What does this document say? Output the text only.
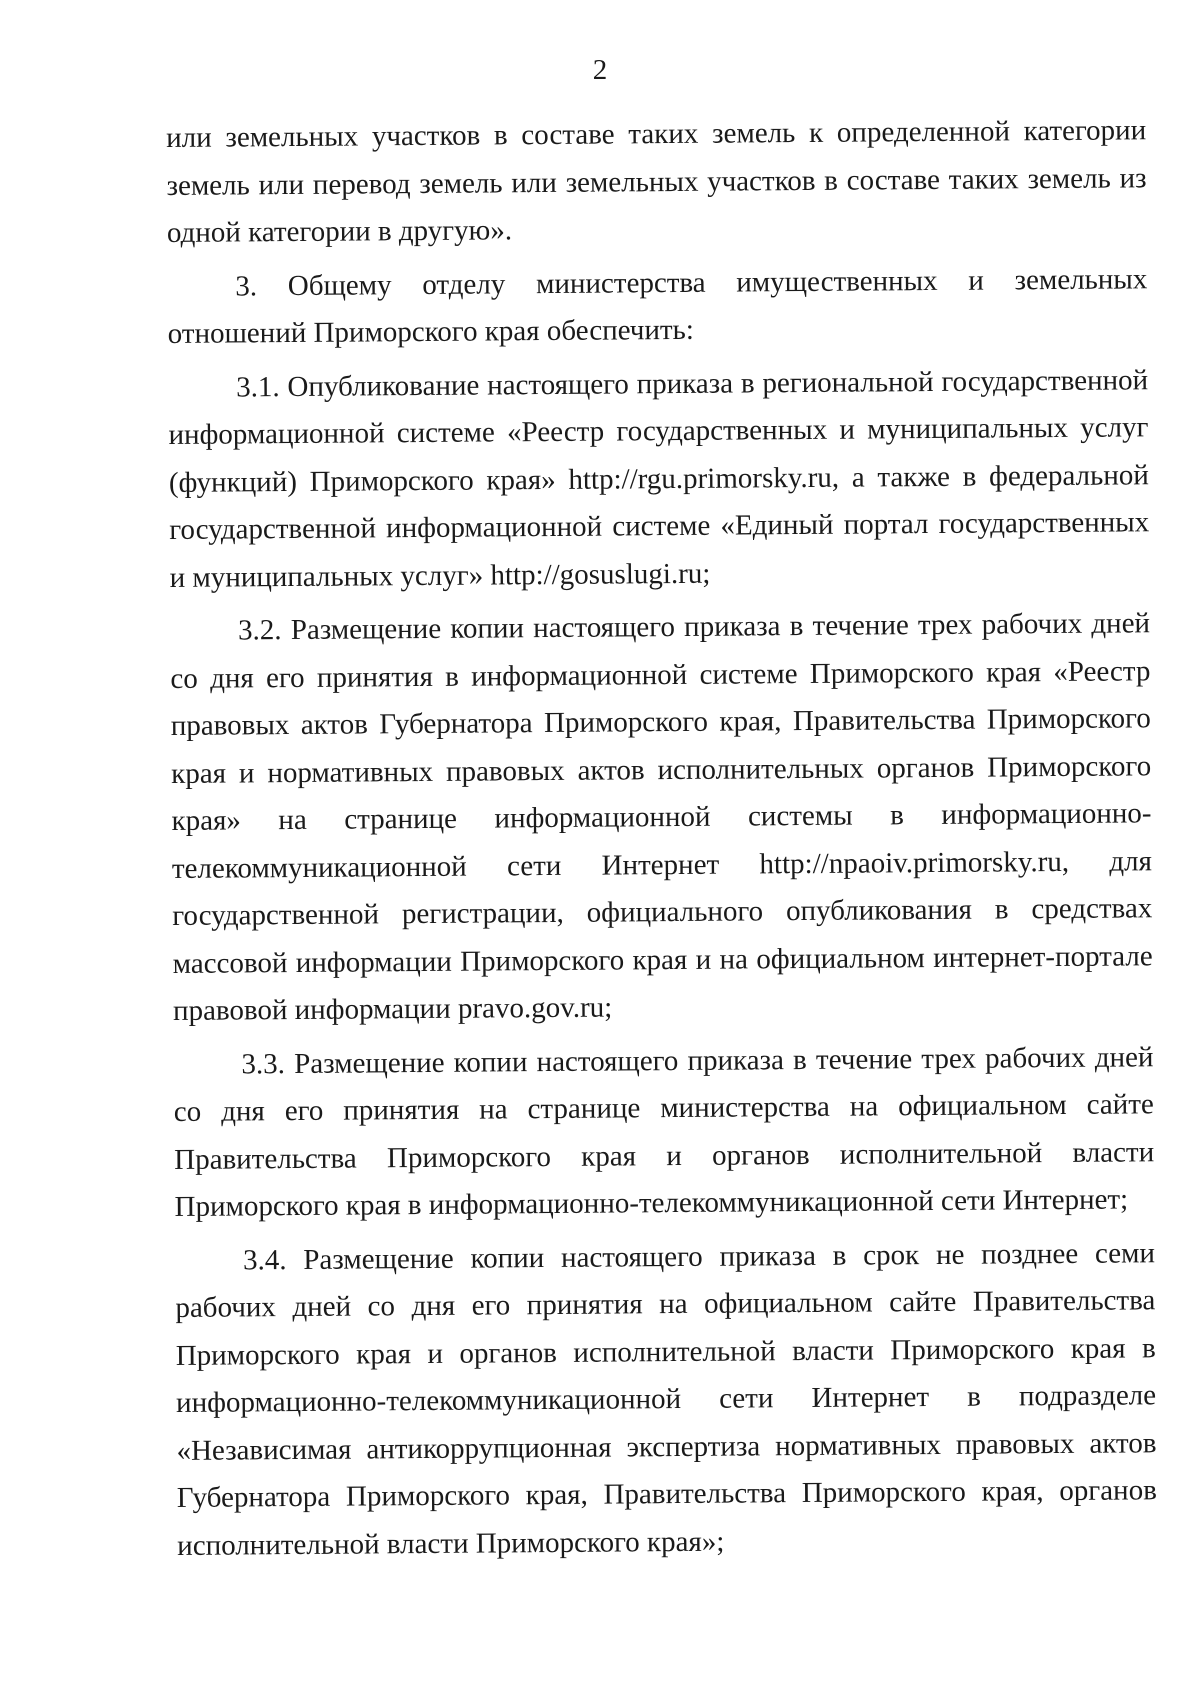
2

или земельных участков в составе таких земель к определенной категории земель или перевод земель или земельных участков в составе таких земель из одной категории в другую».

3. Общему отделу министерства имущественных и земельных отношений Приморского края обеспечить:

3.1. Опубликование настоящего приказа в региональной государственной информационной системе «Реестр государственных и муниципальных услуг (функций) Приморского края» http://rgu.primorsky.ru, а также в федеральной государственной информационной системе «Единый портал государственных и муниципальных услуг» http://gosuslugi.ru;

3.2. Размещение копии настоящего приказа в течение трех рабочих дней со дня его принятия в информационной системе Приморского края «Реестр правовых актов Губернатора Приморского края, Правительства Приморского края и нормативных правовых актов исполнительных органов Приморского края» на странице информационной системы в информационно-телекоммуникационной сети Интернет http://npaoiv.primorsky.ru, для государственной регистрации, официального опубликования в средствах массовой информации Приморского края и на официальном интернет-портале правовой информации pravo.gov.ru;

3.3. Размещение копии настоящего приказа в течение трех рабочих дней со дня его принятия на странице министерства на официальном сайте Правительства Приморского края и органов исполнительной власти Приморского края в информационно-телекоммуникационной сети Интернет;

3.4. Размещение копии настоящего приказа в срок не позднее семи рабочих дней со дня его принятия на официальном сайте Правительства Приморского края и органов исполнительной власти Приморского края в информационно-телекоммуникационной сети Интернет в подразделе «Независимая антикоррупционная экспертиза нормативных правовых актов Губернатора Приморского края, Правительства Приморского края, органов исполнительной власти Приморского края»;
